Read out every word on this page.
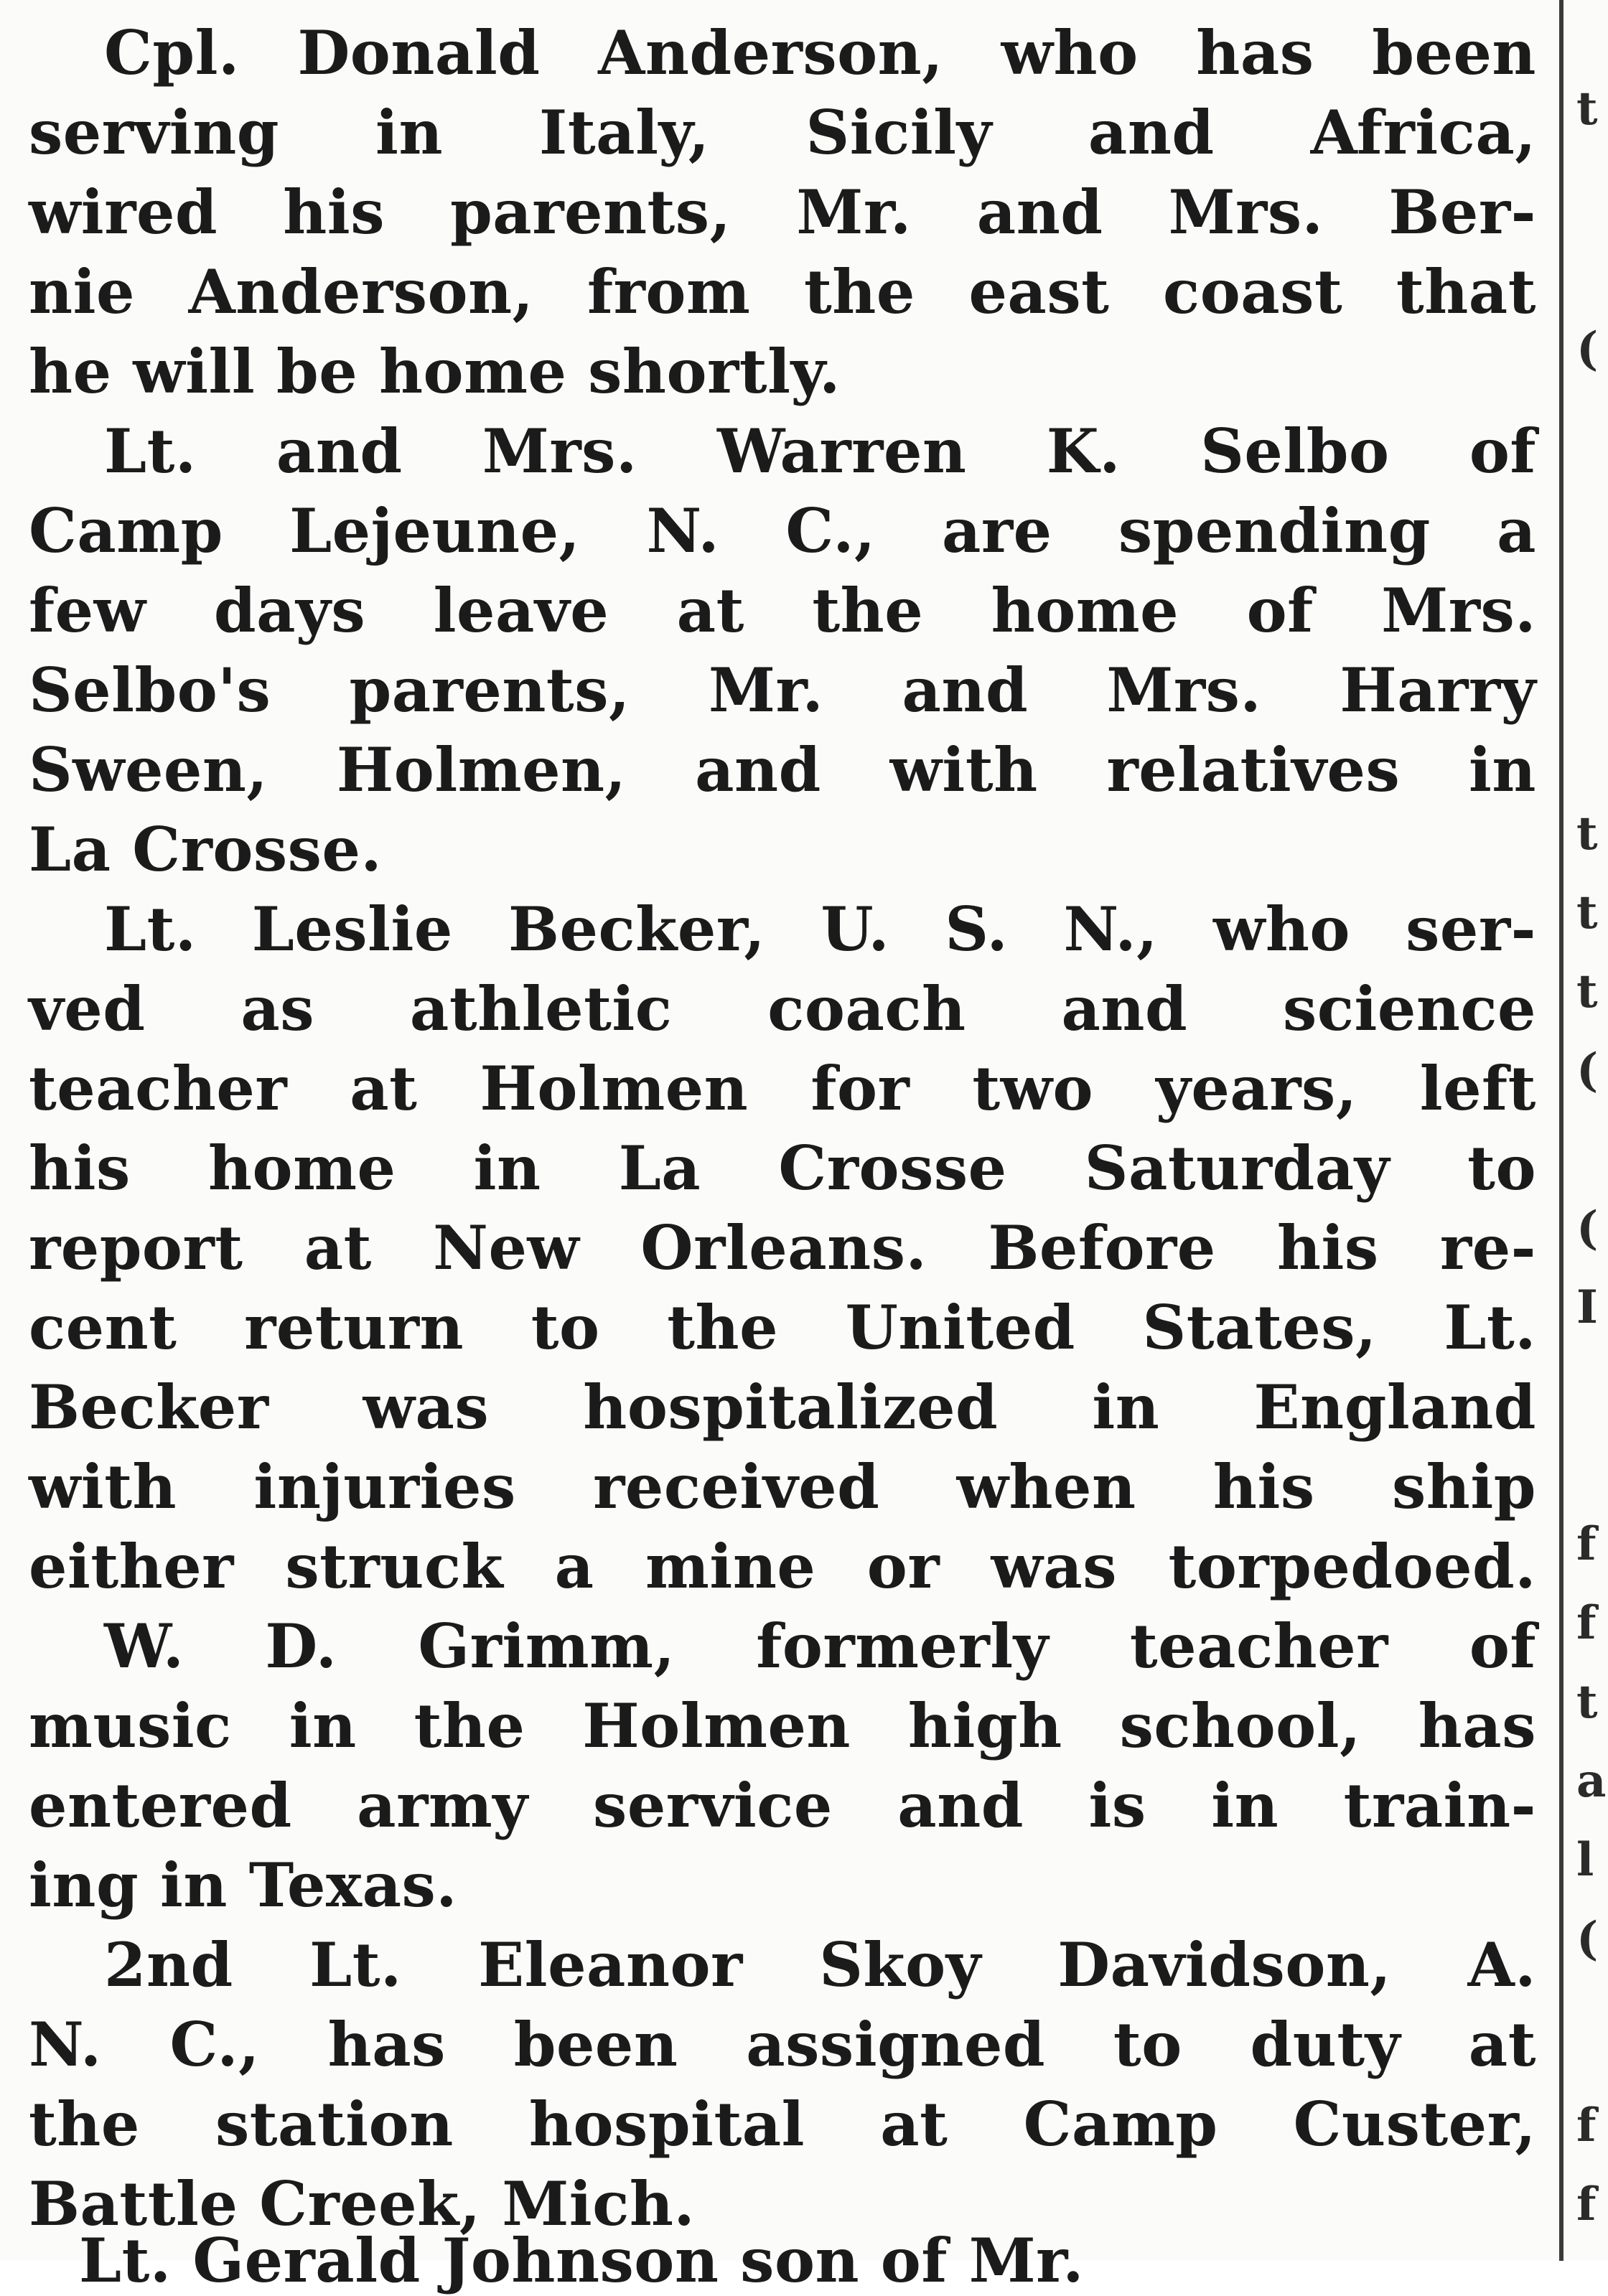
Cpl. Donald Anderson, who has been
serving in Italy, Sicily and Africa,
wired his parents, Mr. and Mrs. Ber-
nie Anderson, from the east coast that
he will be home shortly.
Lt. and Mrs. Warren K. Selbo of
Camp Lejeune, N. C., are spending a
few days leave at the home of Mrs.
Selbo's parents, Mr. and Mrs. Harry
Sween, Holmen, and with relatives in
La Crosse.
Lt. Leslie Becker, U. S. N., who ser-
ved as athletic coach and science
teacher at Holmen for two years, left
his home in La Crosse Saturday to
report at New Orleans. Before his re-
cent return to the United States, Lt.
Becker was hospitalized in England
with injuries received when his ship
either struck a mine or was torpedoed.
W. D. Grimm, formerly teacher of
music in the Holmen high school, has
entered army service and is in train-
ing in Texas.
2nd Lt. Eleanor Skoy Davidson, A.
N. C., has been assigned to duty at
the station hospital at Camp Custer,
Battle Creek, Mich.
Lt. Gerald Johnson son of Mr.
t
(
t
t
t
(
(
I
f
f
t
a
l
(
f
f
